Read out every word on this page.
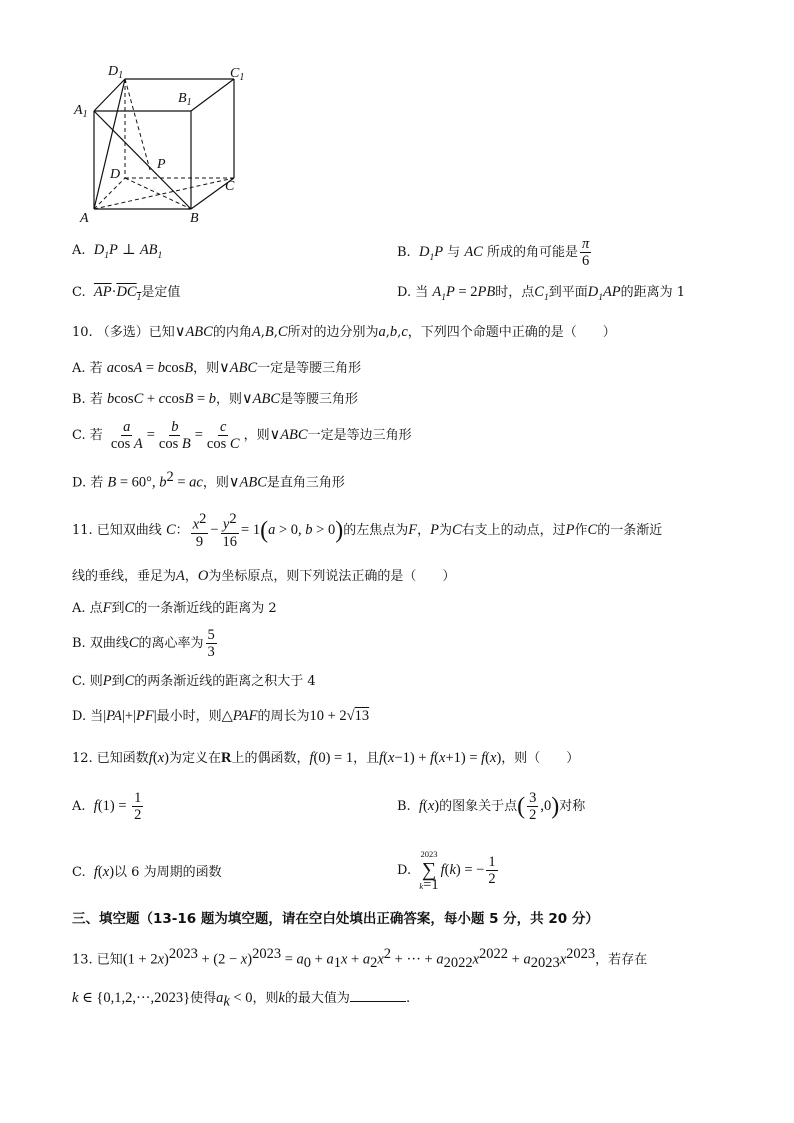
$D_1$	$C_1$
$A_1$
$B_1$
D
P
C
A	B
A. $D_1P$ ⊥ $AB_1$	B. $D_1P$ 与 AC 所成的角可能是 $\frac{\pi}{6}$
C. $\overline{AP}\cdot DC_1$是定值	D. 当 $A_1P = 2PB$时，点$C_1$到平面$D_1AP$的距离为 1
10. （多选）已知∨ABC的内角A,B,C所对的边分别为a,b,c，下列四个命题中正确的是（　　）
A. 若 acosA = bcosB，则∨ABC一定是等腰三角形
B. 若 bcosC + ccosB = b，则∨ABC是等腰三角形
C. 若 $\frac{a}{\text{cos A}} = \frac{b}{\text{cos B}} = \frac{c}{\text{cos C}}$ ，则∨ABC一定是等边三角形
D. 若 B = 60°, $b^2$ = ac，则∨ABC是直角三角形
11. 已知双曲线 C： $\frac{x^2}{9} - \frac{y^2}{16} = 1(a > 0$, b > 0)的左焦点为F，P为C右支上的动点，过P作C的一条渐近
线的垂线，垂足为A，O为坐标原点，则下列说法正确的是（　　）
A. 点F到C的一条渐近线的距离为 2
B. 双曲线C的离心率为 $\frac{5}{3}$
C. 则P到C的两条渐近线的距离之积大于 4
D. 当|PA|+|PF|最小时，则△PAF的周长为10 + 2√13
12. 已知函数f(x)为定义在R上的偶函数，f(0) = 1，且f(x−1) + f(x+1) = f(x)，则（　　）
A. $f(1) = \frac{1}{2}$	B. f(x)的图象关于点( $\frac{3}{2} ,0$)对称
C. f(x)以 6 为周期的函数	D.
2023
∑
k=1
f(k) = − $\frac{1}{2}$
三、填空题（13-16 题为填空题，请在空白处填出正确答案，每小题 5 分，共 20 分）
13. 已知$(1 + 2x)^{2023} + (2 - x)^{2023} = a_0 + a_1x + a_2x^2$ + ··· + $a_{2022}x^{2022} + a_{2023}x^{2023}$，若存在
k ∈ {0,1,2,···,2023}使得$a_k < 0$，则k的最大值为	.
